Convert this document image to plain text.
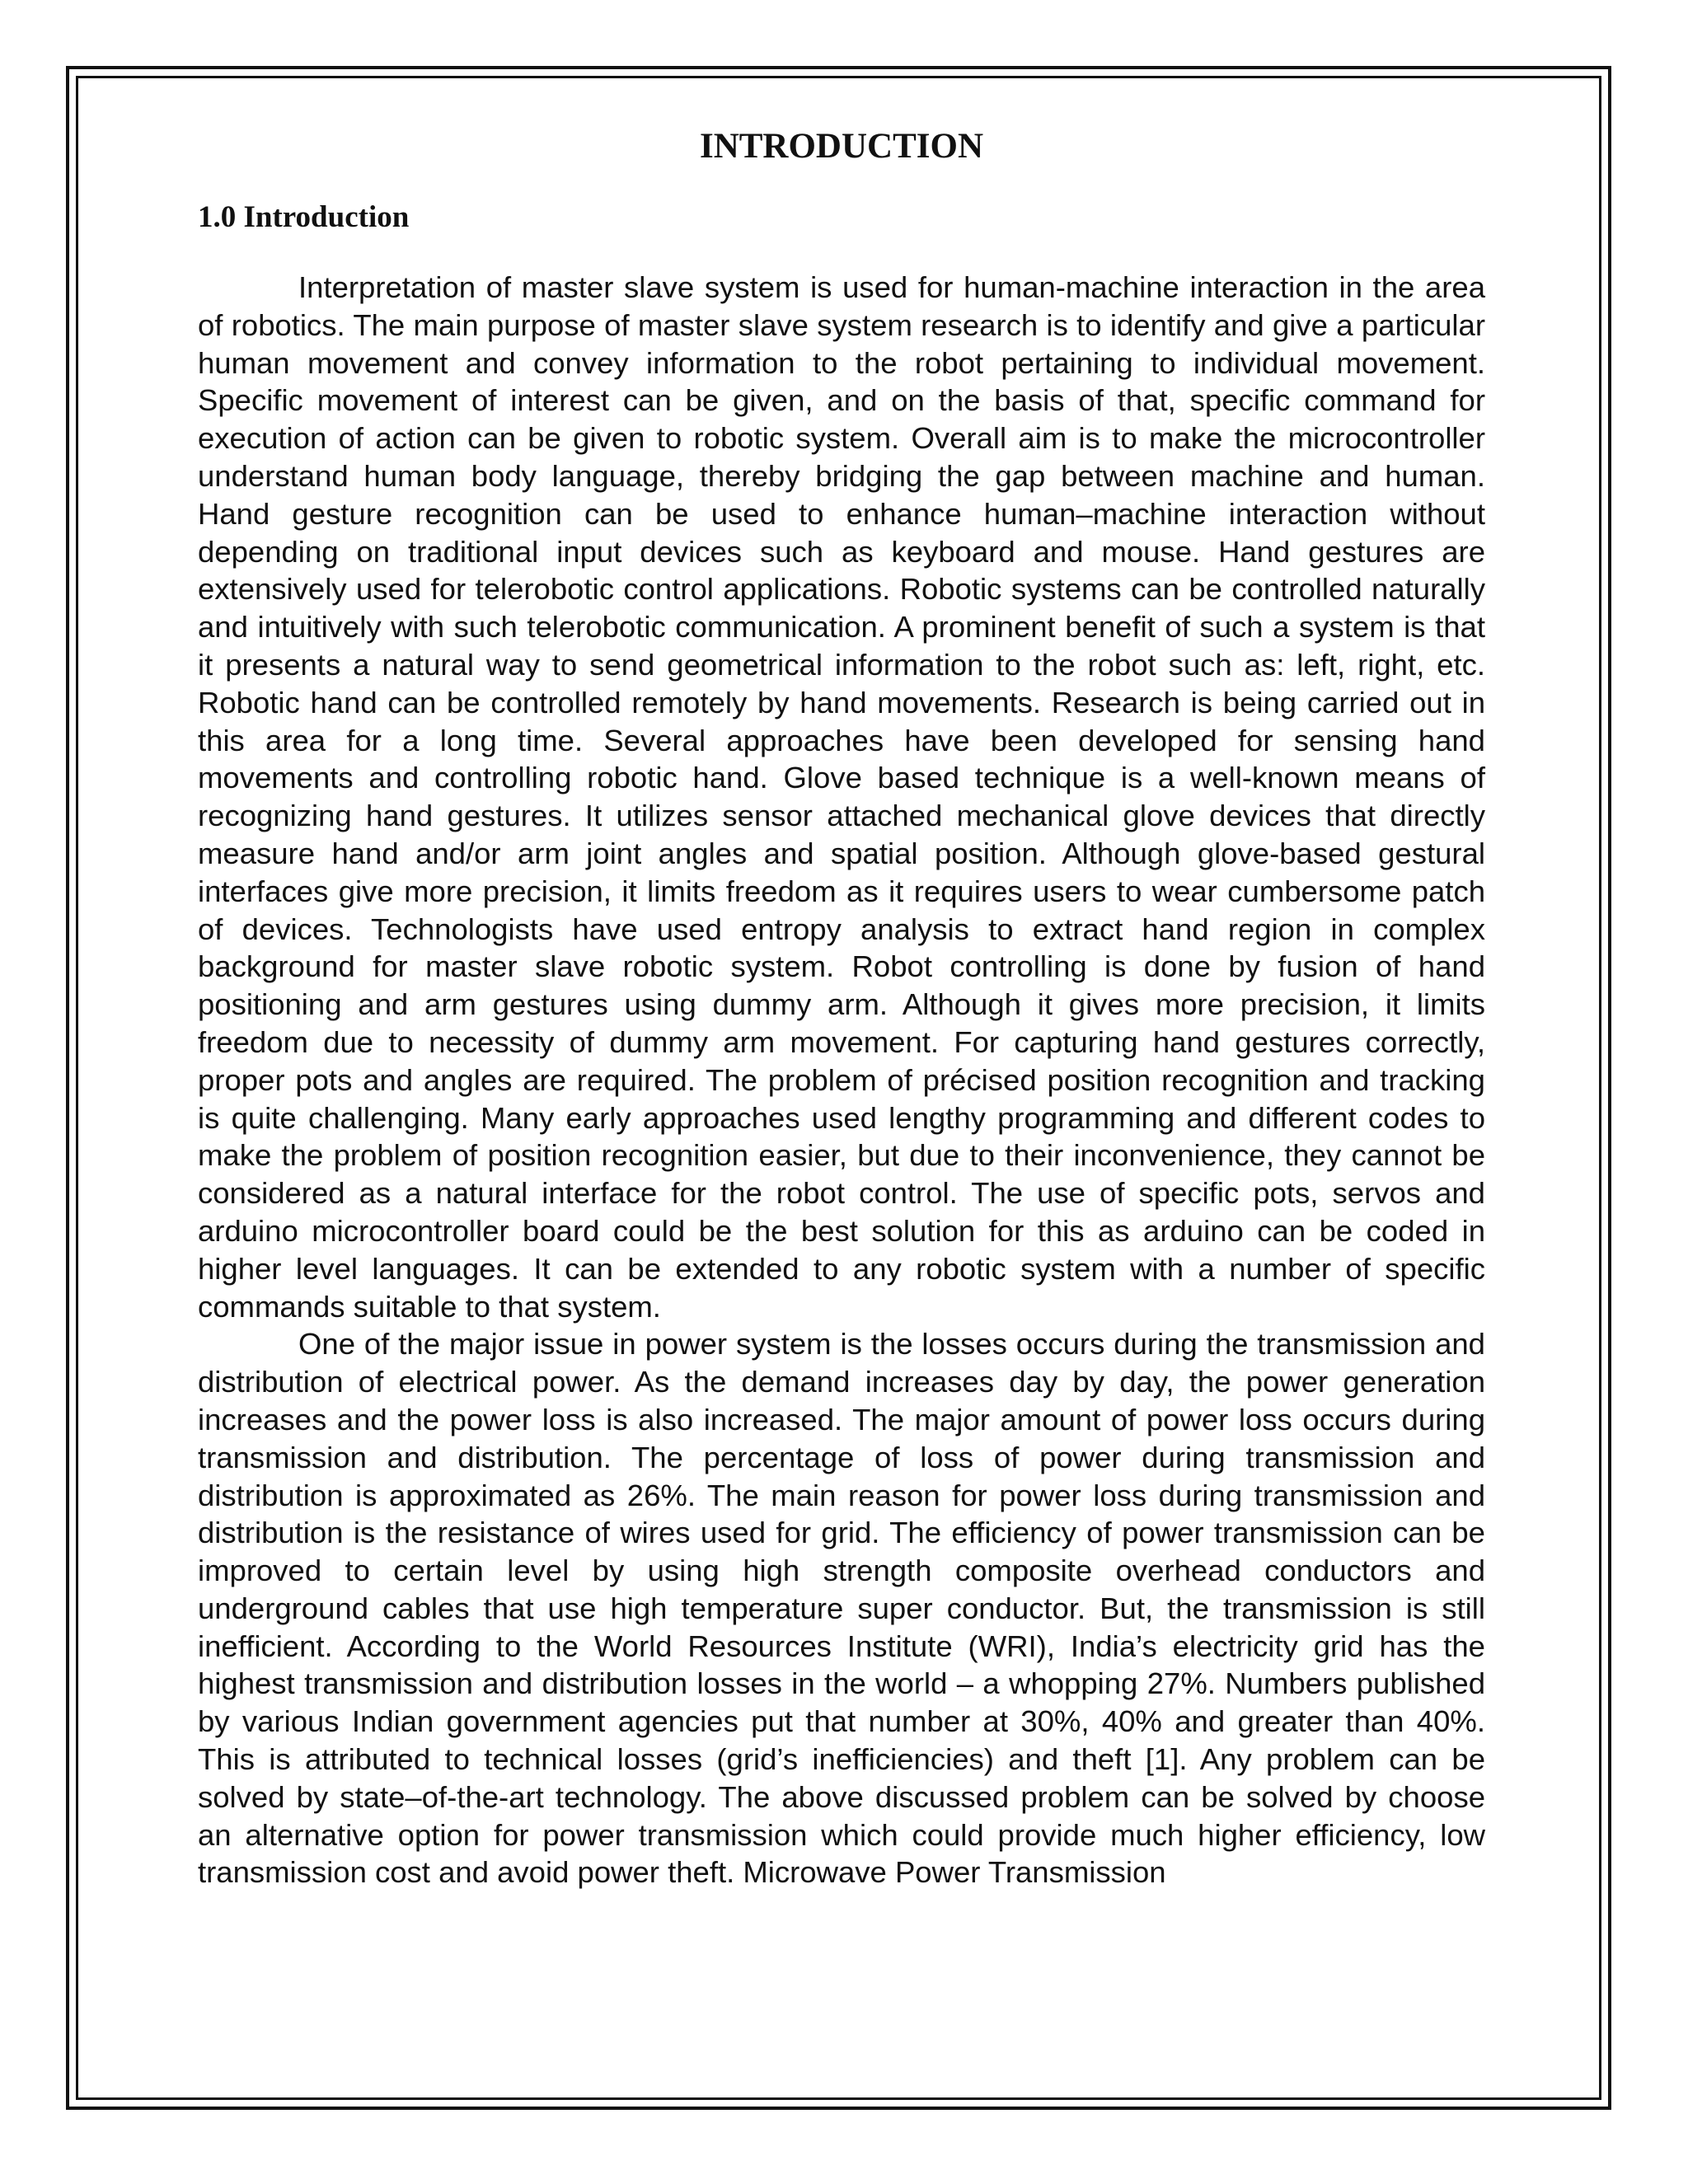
INTRODUCTION
1.0 Introduction

Interpretation of master slave system is used for human-machine interaction in the area of robotics. The main purpose of master slave system research is to identify and give a particular human movement and convey information to the robot pertaining to individual movement. Specific movement of interest can be given, and on the basis of that, specific command for execution of action can be given to robotic system. Overall aim is to make the microcontroller understand human body language, thereby bridging the gap between machine and human. Hand gesture recognition can be used to enhance human–machine interaction without depending on traditional input devices such as keyboard and mouse. Hand gestures are extensively used for telerobotic control applications. Robotic systems can be controlled naturally and intuitively with such telerobotic communication. A prominent benefit of such a system is that it presents a natural way to send geometrical information to the robot such as: left, right, etc. Robotic hand can be controlled remotely by hand movements. Research is being carried out in this area for a long time. Several approaches have been developed for sensing hand movements and controlling robotic hand. Glove based technique is a well-known means of recognizing hand gestures. It utilizes sensor attached mechanical glove devices that directly measure hand and/or arm joint angles and spatial position. Although glove-based gestural interfaces give more precision, it limits freedom as it requires users to wear cumbersome patch of devices. Technologists have used entropy analysis to extract hand region in complex background for master slave robotic system. Robot controlling is done by fusion of hand positioning and arm gestures using dummy arm. Although it gives more precision, it limits freedom due to necessity of dummy arm movement. For capturing hand gestures correctly, proper pots and angles are required. The problem of précised position recognition and tracking is quite challenging. Many early approaches used lengthy programming and different codes to make the problem of position recognition easier, but due to their inconvenience, they cannot be considered as a natural interface for the robot control. The use of specific pots, servos and arduino microcontroller board could be the best solution for this as arduino can be coded in higher level languages. It can be extended to any robotic system with a number of specific commands suitable to that system.

One of the major issue in power system is the losses occurs during the transmission and distribution of electrical power. As the demand increases day by day, the power generation increases and the power loss is also increased. The major amount of power loss occurs during transmission and distribution. The percentage of loss of power during transmission and distribution is approximated as 26%. The main reason for power loss during transmission and distribution is the resistance of wires used for grid. The efficiency of power transmission can be improved to certain level by using high strength composite overhead conductors and underground cables that use high temperature super conductor. But, the transmission is still inefficient. According to the World Resources Institute (WRI), India’s electricity grid has the highest transmission and distribution losses in the world – a whopping 27%. Numbers published by various Indian government agencies put that number at 30%, 40% and greater than 40%. This is attributed to technical losses (grid’s inefficiencies) and theft [1]. Any problem can be solved by state–of-the-art technology. The above discussed problem can be solved by choose an alternative option for power transmission which could provide much higher efficiency, low transmission cost and avoid power theft. Microwave Power Transmission
